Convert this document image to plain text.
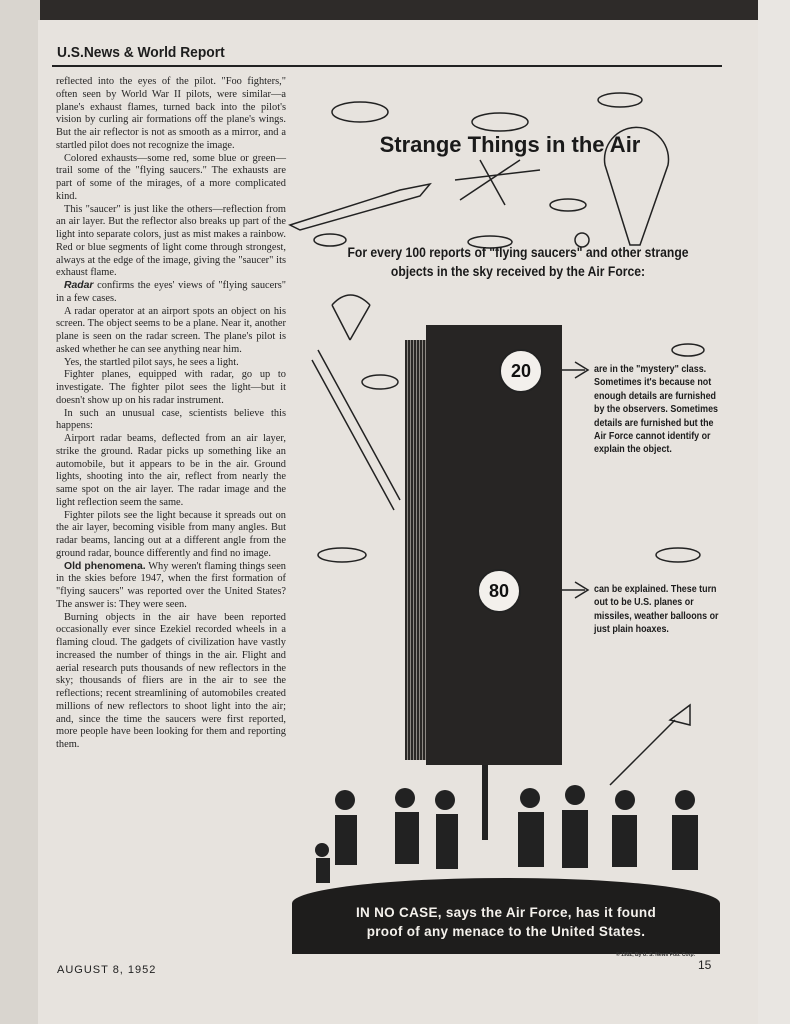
U.S.News & World Report

reflected into the eyes of the pilot. "Foo fighters," often seen by World War II pilots, were similar—a plane's exhaust flames, turned back into the pilot's vision by curling air formations off the plane's wings. But the air reflector is not as smooth as a mirror, and a startled pilot does not recognize the image.

Colored exhausts—some red, some blue or green—trail some of the "flying saucers." The exhausts are part of some of the mirages, of a more complicated kind.

This "saucer" is just like the others—reflection from an air layer. But the reflector also breaks up part of the light into separate colors, just as mist makes a rainbow. Red or blue segments of light come through strongest, always at the edge of the image, giving the "saucer" its exhaust flame.

Radar confirms the eyes' views of "flying saucers" in a few cases.

A radar operator at an airport spots an object on his screen. The object seems to be a plane. Near it, another plane is seen on the radar screen. The plane's pilot is asked whether he can see anything near him.

Yes, the startled pilot says, he sees a light.

Fighter planes, equipped with radar, go up to investigate. The fighter pilot sees the light—but it doesn't show up on his radar instrument.

In such an unusual case, scientists believe this happens:

Airport radar beams, deflected from an air layer, strike the ground. Radar picks up something like an automobile, but it appears to be in the air. Ground lights, shooting into the air, reflect from nearly the same spot on the air layer. The radar image and the light reflection seem the same.

Fighter pilots see the light because it spreads out on the air layer, becoming visible from many angles. But radar beams, lancing out at a different angle from the ground radar, bounce differently and find no image.

Old phenomena. Why weren't flaming things seen in the skies before 1947, when the first formation of "flying saucers" was reported over the United States? The answer is: They were seen.

Burning objects in the air have been reported occasionally ever since Ezekiel recorded wheels in a flaming cloud. The gadgets of civilization have vastly increased the number of things in the air. Flight and aerial research puts thousands of new reflectors in the sky; thousands of fliers are in the air to see the reflections; recent streamlining of automobiles created millions of new reflectors to shoot light into the air; and, since the time the saucers were first reported, more people have been looking for them and reporting them.

AUGUST 8, 1952
Strange Things in the Air
For every 100 reports of "flying saucers" and other strange objects in the sky received by the Air Force:
20
80
are in the "mystery" class. Sometimes it's because not enough details are furnished by the observers. Sometimes details are furnished but the Air Force cannot identify or explain the object.
can be explained. These turn out to be U.S. planes or missiles, weather balloons or just plain hoaxes.
IN NO CASE, says the Air Force, has it found
proof of any menace to the United States.
© 1952, By U. S. News Pub. Corp.
15
